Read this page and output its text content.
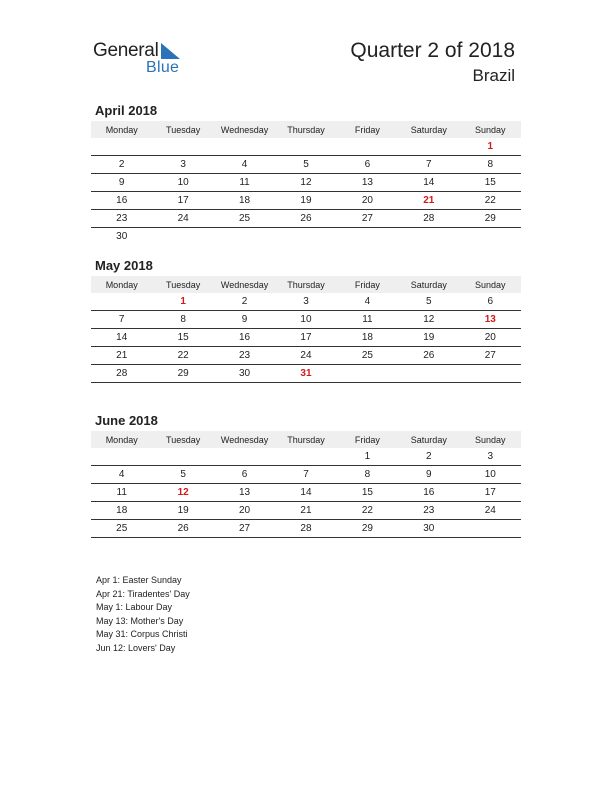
General
Blue
Quarter 2 of 2018
Brazil
April 2018
Monday	Tuesday	Wednesday	Thursday	Friday	Saturday	Sunday
						1
2	3	4	5	6	7	8
9	10	11	12	13	14	15
16	17	18	19	20	21	22
23	24	25	26	27	28	29
30						
May 2018
Monday	Tuesday	Wednesday	Thursday	Friday	Saturday	Sunday
	1	2	3	4	5	6
7	8	9	10	11	12	13
14	15	16	17	18	19	20
21	22	23	24	25	26	27
28	29	30	31			
June 2018
Monday	Tuesday	Wednesday	Thursday	Friday	Saturday	Sunday
				1	2	3
4	5	6	7	8	9	10
11	12	13	14	15	16	17
18	19	20	21	22	23	24
25	26	27	28	29	30	
Apr 1: Easter Sunday
Apr 21: Tiradentes' Day
May 1: Labour Day
May 13: Mother's Day
May 31: Corpus Christi
Jun 12: Lovers' Day
